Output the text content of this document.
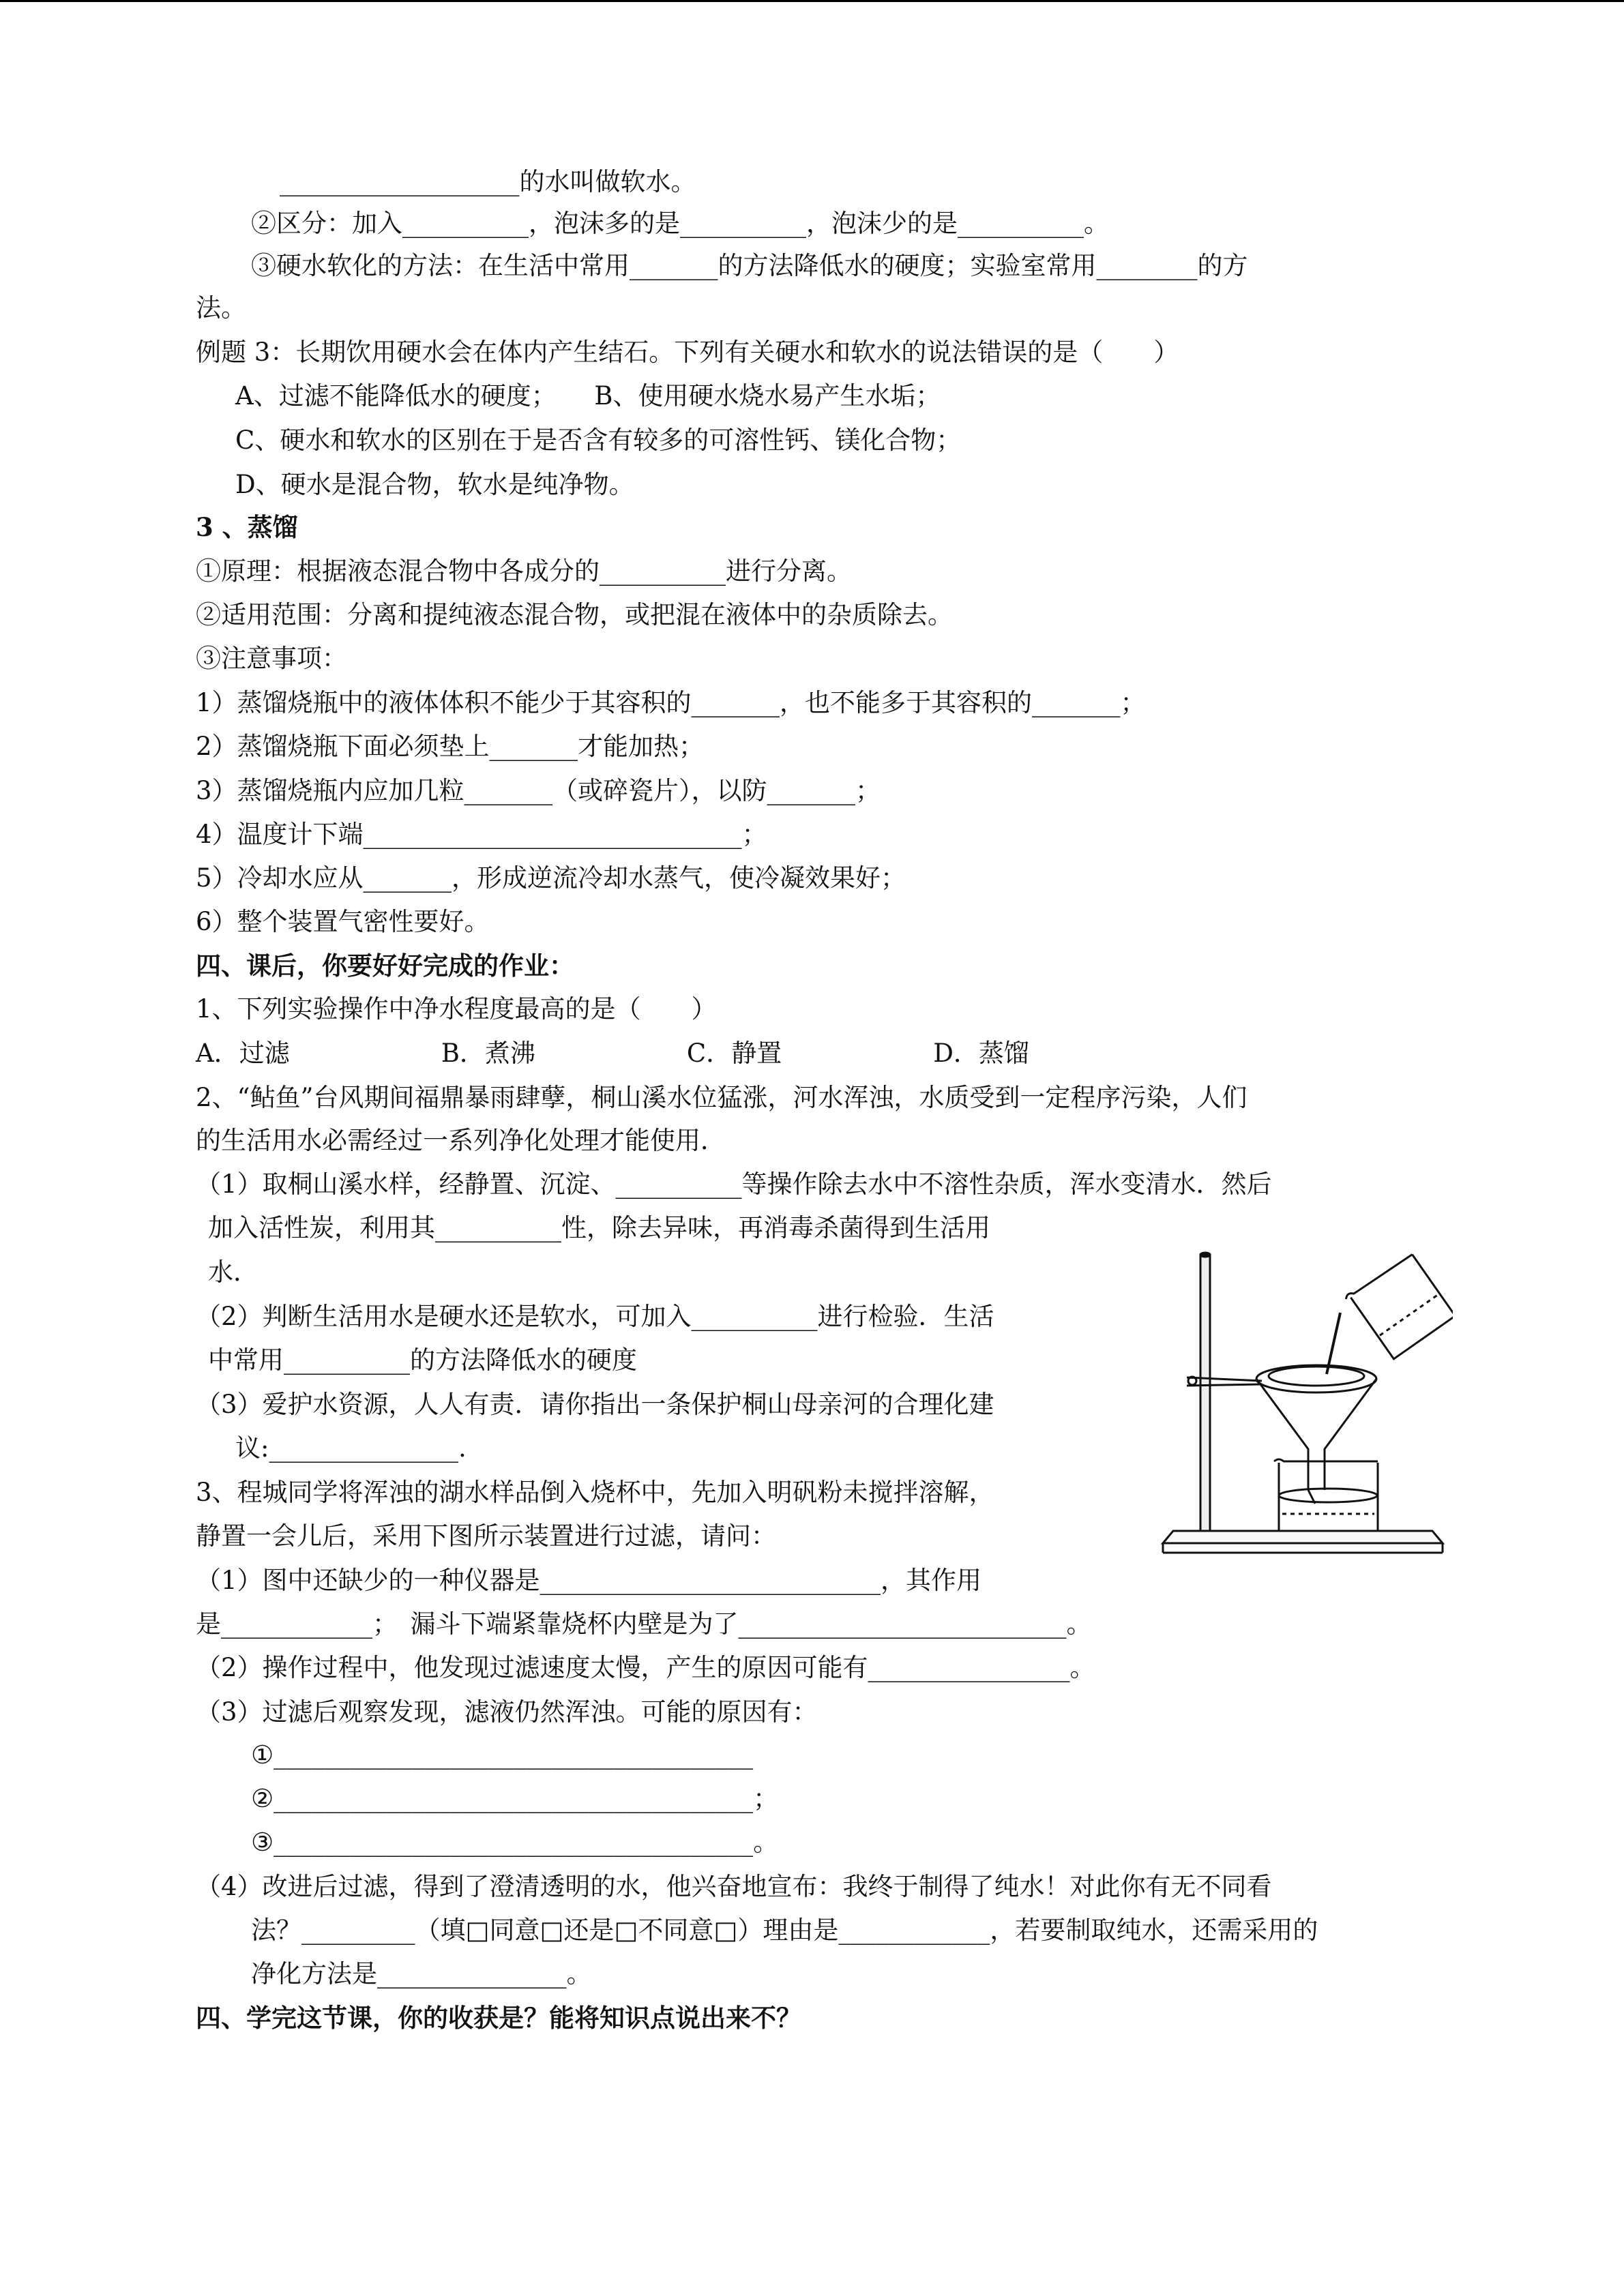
___________________的水叫做软水。
②区分：加入__________，泡沫多的是__________，泡沫少的是__________。
③硬水软化的方法：在生活中常用_______的方法降低水的硬度；实验室常用________的方
法。
例题 3：长期饮用硬水会在体内产生结石。下列有关硬水和软水的说法错误的是（　　）
A、过滤不能降低水的硬度；　　B、使用硬水烧水易产生水垢；
C、硬水和软水的区别在于是否含有较多的可溶性钙、镁化合物；
D、硬水是混合物，软水是纯净物。
3 、蒸馏
①原理：根据液态混合物中各成分的__________进行分离。
②适用范围：分离和提纯液态混合物，或把混在液体中的杂质除去。
③注意事项：
1）蒸馏烧瓶中的液体体积不能少于其容积的_______，也不能多于其容积的_______；
2）蒸馏烧瓶下面必须垫上_______才能加热；
3）蒸馏烧瓶内应加几粒_______（或碎瓷片），以防_______；
4）温度计下端______________________________；
5）冷却水应从_______，形成逆流冷却水蒸气，使冷凝效果好；
6）整个装置气密性要好。
四、课后，你要好好完成的作业：
1、下列实验操作中净水程度最高的是（　　）
A．过滤　　　　　　B．煮沸　　　　　　C．静置　　　　　　D．蒸馏
2、“鲇鱼”台风期间福鼎暴雨肆孽，桐山溪水位猛涨，河水浑浊，水质受到一定程序污染，人们
的生活用水必需经过一系列净化处理才能使用．
（1）取桐山溪水样，经静置、沉淀、__________等操作除去水中不溶性杂质，浑水变清水．然后
加入活性炭，利用其__________性，除去异味，再消毒杀菌得到生活用
水．
（2）判断生活用水是硬水还是软水，可加入__________进行检验．生活
中常用__________的方法降低水的硬度
（3）爱护水资源，人人有责．请你指出一条保护桐山母亲河的合理化建
议:_______________.
3、程城同学将浑浊的湖水样品倒入烧杯中，先加入明矾粉未搅拌溶解，
静置一会儿后，采用下图所示装置进行过滤，请问：
（1）图中还缺少的一种仪器是___________________________，其作用
是____________；　漏斗下端紧靠烧杯内壁是为了__________________________。
（2）操作过程中，他发现过滤速度太慢，产生的原因可能有________________。
（3）过滤后观察发现，滤液仍然浑浊。可能的原因有：
①______________________________________
②______________________________________；
③______________________________________。
（4）改进后过滤，得到了澄清透明的水，他兴奋地宣布：我终于制得了纯水！对此你有无不同看
法？_________（填□同意□还是□不同意□）理由是____________，若要制取纯水，还需采用的
净化方法是_______________。
四、学完这节课，你的收获是？能将知识点说出来不？
